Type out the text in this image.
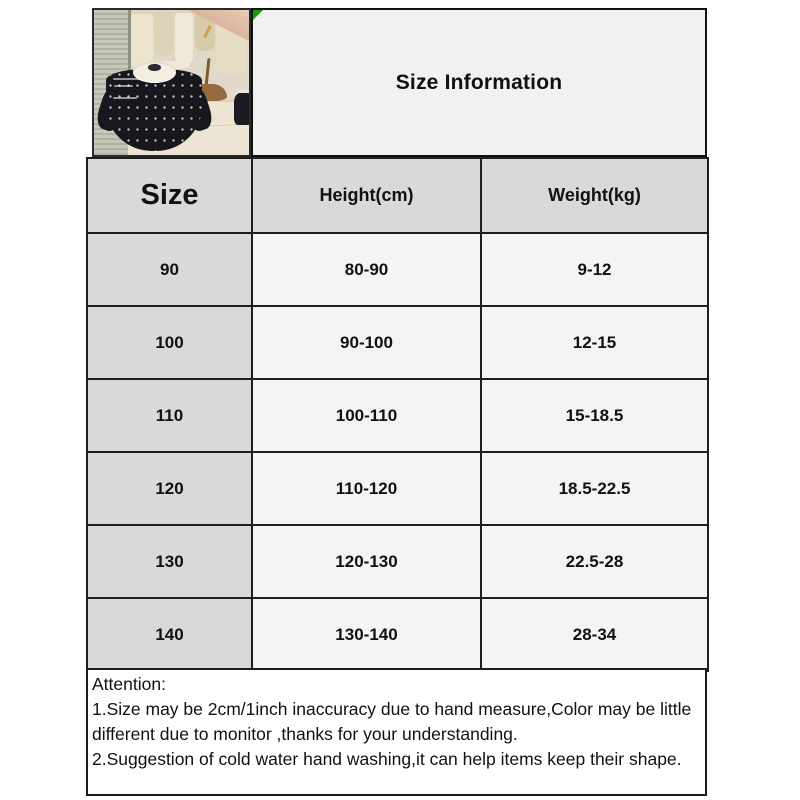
Size Information
Size	Height(cm)	Weight(kg)
90	80-90	9-12
100	90-100	12-15
110	100-110	15-18.5
120	110-120	18.5-22.5
130	120-130	22.5-28
140	130-140	28-34
Attention:
1.Size may be 2cm/1inch inaccuracy due to hand measure,Color may be little different due to monitor ,thanks for your understanding.
2.Suggestion of cold water hand washing,it can help items keep their shape.
